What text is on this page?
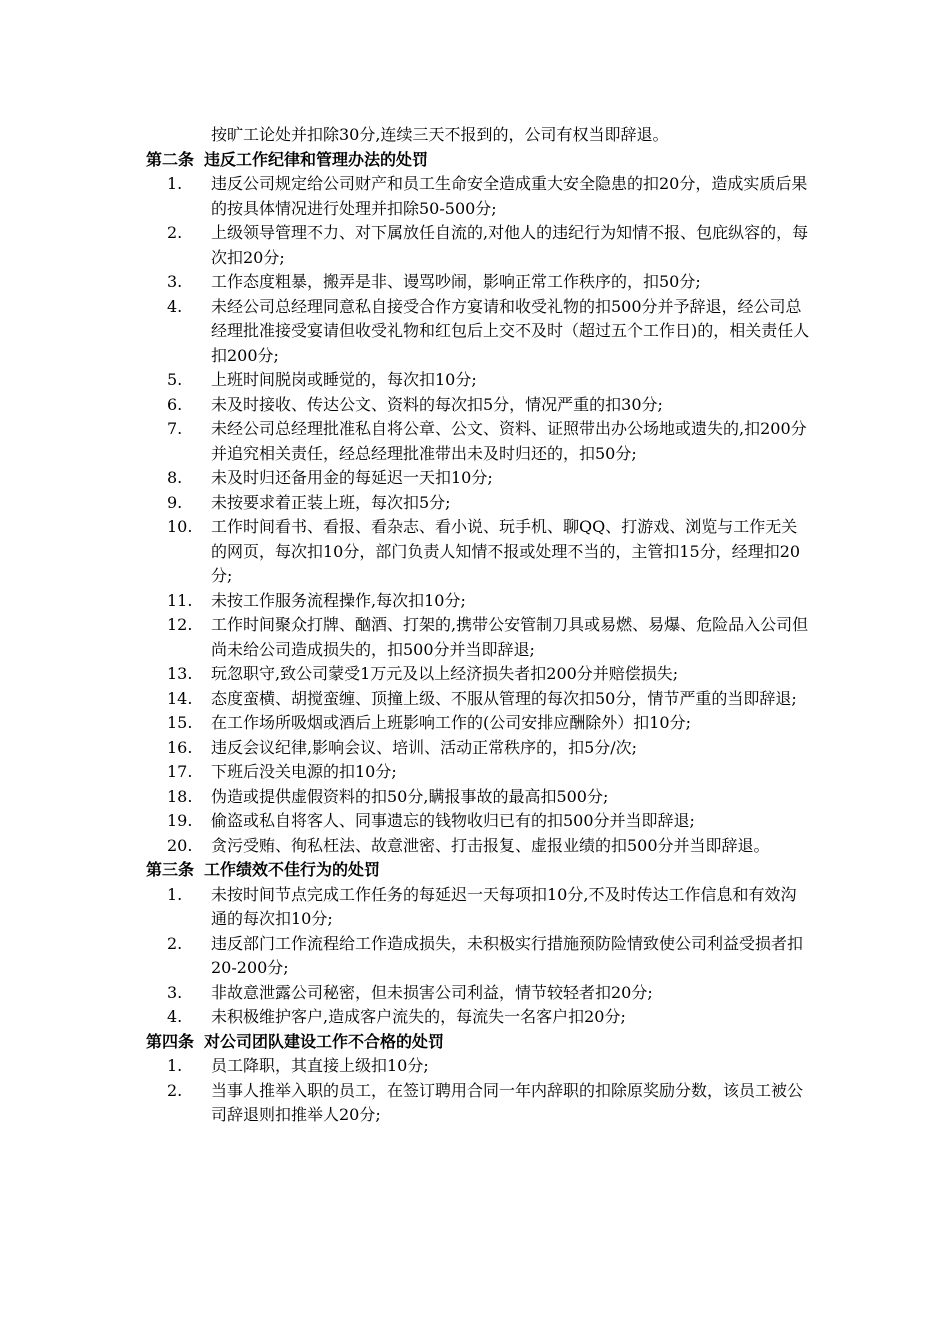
按旷工论处并扣除30分,连续三天不报到的，公司有权当即辞退。
第二条 违反工作纪律和管理办法的处罚
1.	违反公司规定给公司财产和员工生命安全造成重大安全隐患的扣20分，造成实质后果的按具体情况进行处理并扣除50-500分;
2.	上级领导管理不力、对下属放任自流的,对他人的违纪行为知情不报、包庇纵容的，每次扣20分;
3.	工作态度粗暴，搬弄是非、谩骂吵闹，影响正常工作秩序的，扣50分;
4.	未经公司总经理同意私自接受合作方宴请和收受礼物的扣500分并予辞退，经公司总经理批准接受宴请但收受礼物和红包后上交不及时（超过五个工作日)的，相关责任人扣200分;
5.	上班时间脱岗或睡觉的，每次扣10分;
6.	未及时接收、传达公文、资料的每次扣5分，情况严重的扣30分;
7.	未经公司总经理批准私自将公章、公文、资料、证照带出办公场地或遗失的,扣200分并追究相关责任，经总经理批准带出未及时归还的，扣50分;
8.	未及时归还备用金的每延迟一天扣10分;
9.	未按要求着正装上班，每次扣5分;
10.	工作时间看书、看报、看杂志、看小说、玩手机、聊QQ、打游戏、浏览与工作无关的网页，每次扣10分，部门负责人知情不报或处理不当的，主管扣15分，经理扣20分;
11.	未按工作服务流程操作,每次扣10分;
12.	工作时间聚众打牌、酗酒、打架的,携带公安管制刀具或易燃、易爆、危险品入公司但尚未给公司造成损失的，扣500分并当即辞退;
13.	玩忽职守,致公司蒙受1万元及以上经济损失者扣200分并赔偿损失;
14.	态度蛮横、胡搅蛮缠、顶撞上级、不服从管理的每次扣50分，情节严重的当即辞退;
15.	在工作场所吸烟或酒后上班影响工作的(公司安排应酬除外）扣10分;
16.	违反会议纪律,影响会议、培训、活动正常秩序的，扣5分/次;
17.	下班后没关电源的扣10分;
18.	伪造或提供虚假资料的扣50分,瞒报事故的最高扣500分;
19.	偷盗或私自将客人、同事遗忘的钱物收归已有的扣500分并当即辞退;
20.	贪污受贿、徇私枉法、故意泄密、打击报复、虚报业绩的扣500分并当即辞退。
第三条 工作绩效不佳行为的处罚
1.	未按时间节点完成工作任务的每延迟一天每项扣10分,不及时传达工作信息和有效沟通的每次扣10分;
2.	违反部门工作流程给工作造成损失，未积极实行措施预防险情致使公司利益受损者扣20-200分;
3.	非故意泄露公司秘密，但未损害公司利益，情节较轻者扣20分;
4.	未积极维护客户,造成客户流失的，每流失一名客户扣20分;
第四条 对公司团队建设工作不合格的处罚
1.	员工降职，其直接上级扣10分;
2.	当事人推举入职的员工，在签订聘用合同一年内辞职的扣除原奖励分数，该员工被公司辞退则扣推举人20分;
